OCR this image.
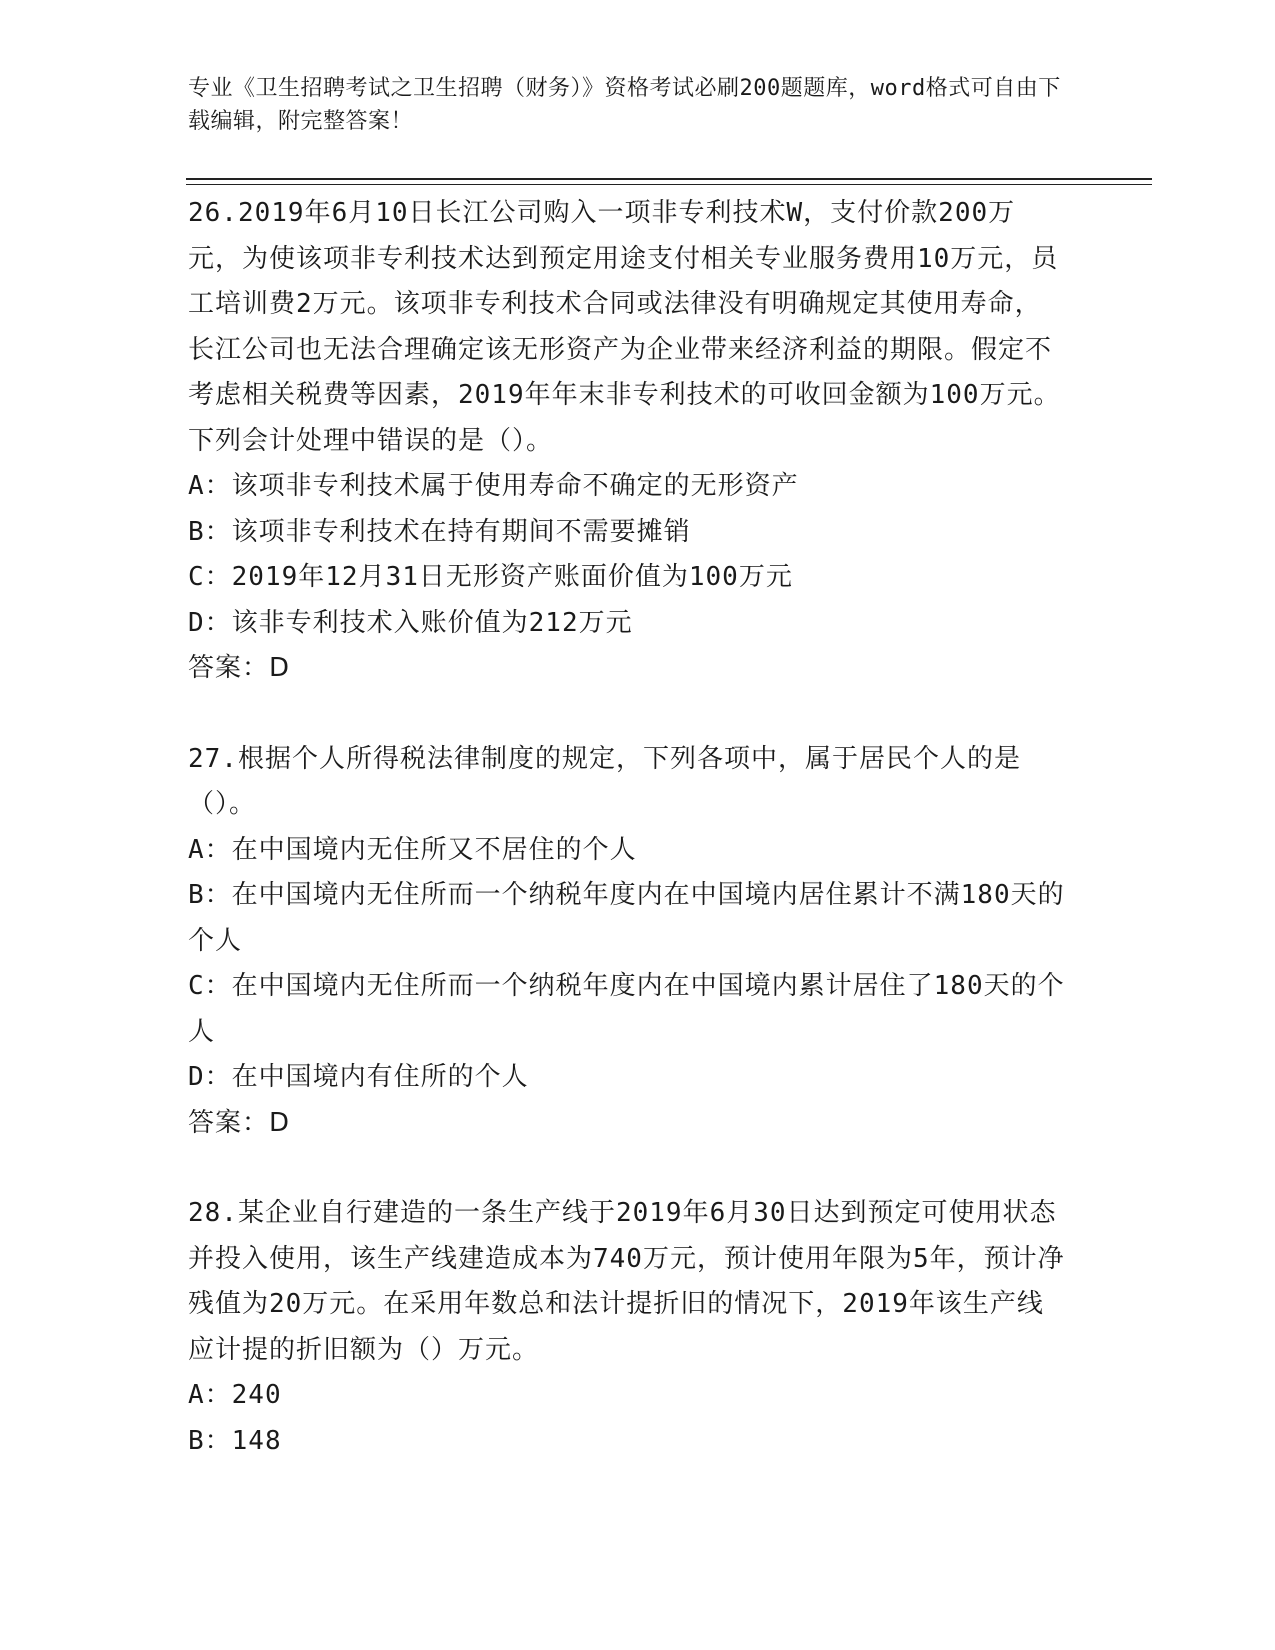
专业《卫生招聘考试之卫生招聘（财务）》资格考试必刷200题题库，word格式可自由下载编辑，附完整答案！

26.2019年6月10日长江公司购入一项非专利技术W，支付价款200万元，为使该项非专利技术达到预定用途支付相关专业服务费用10万元，员工培训费2万元。该项非专利技术合同或法律没有明确规定其使用寿命，长江公司也无法合理确定该无形资产为企业带来经济利益的期限。假定不考虑相关税费等因素，2019年年末非专利技术的可收回金额为100万元。下列会计处理中错误的是（）。

A：该项非专利技术属于使用寿命不确定的无形资产

B：该项非专利技术在持有期间不需要摊销

C：2019年12月31日无形资产账面价值为100万元

D：该非专利技术入账价值为212万元

答案：D

27.根据个人所得税法律制度的规定，下列各项中，属于居民个人的是（）。

A：在中国境内无住所又不居住的个人

B：在中国境内无住所而一个纳税年度内在中国境内居住累计不满180天的个人

C：在中国境内无住所而一个纳税年度内在中国境内累计居住了180天的个人

D：在中国境内有住所的个人

答案：D

28.某企业自行建造的一条生产线于2019年6月30日达到预定可使用状态并投入使用，该生产线建造成本为740万元，预计使用年限为5年，预计净残值为20万元。在采用年数总和法计提折旧的情况下，2019年该生产线应计提的折旧额为（）万元。

A：240

B：148
